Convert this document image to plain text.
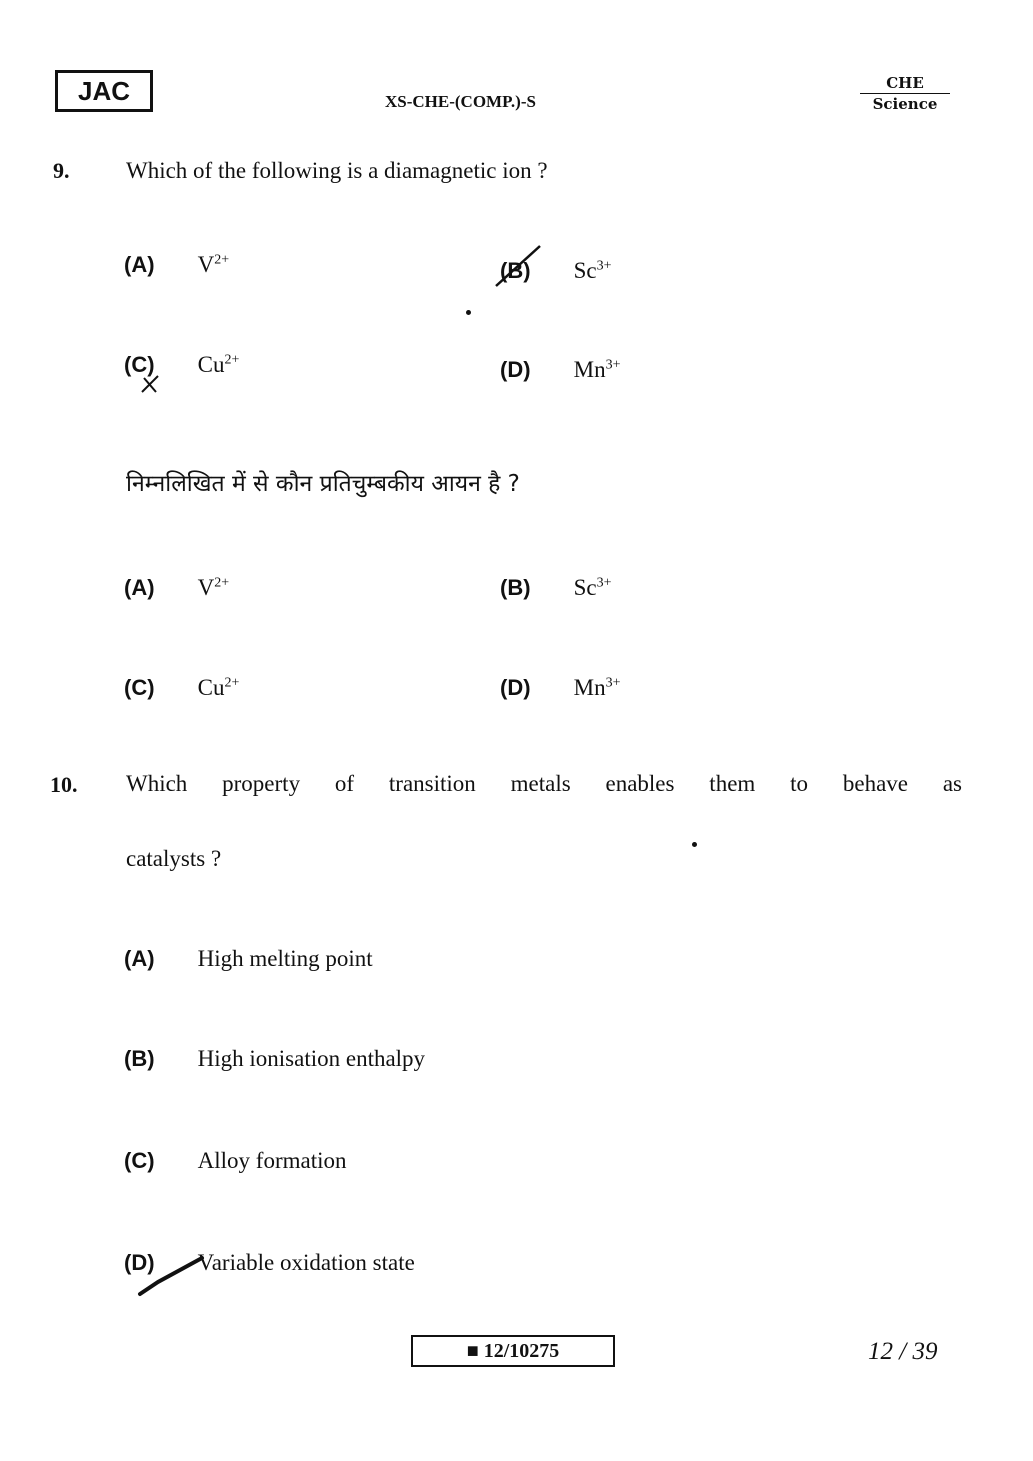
JAC	XS-CHE-(COMP.)-S
CHE
Science
9. Which of the following is a diamagnetic ion ?
(A) $V^{2+}$	(B) $Sc^{3+}$
(C) $Cu^{2+}$	(D) $Mn^{3+}$
निम्नलिखित में से कौन प्रतिचुम्बकीय आयन है ?
(A) $V^{2+}$	(B) $Sc^{3+}$
(C) $Cu^{2+}$	(D) $Mn^{3+}$
10. Which property of transition metals enables them to behave as
catalysts ?
(A) High melting point
(B) High ionisation enthalpy
(C) Alloy formation
(D) Variable oxidation state
■ 12/10275	12 / 39
